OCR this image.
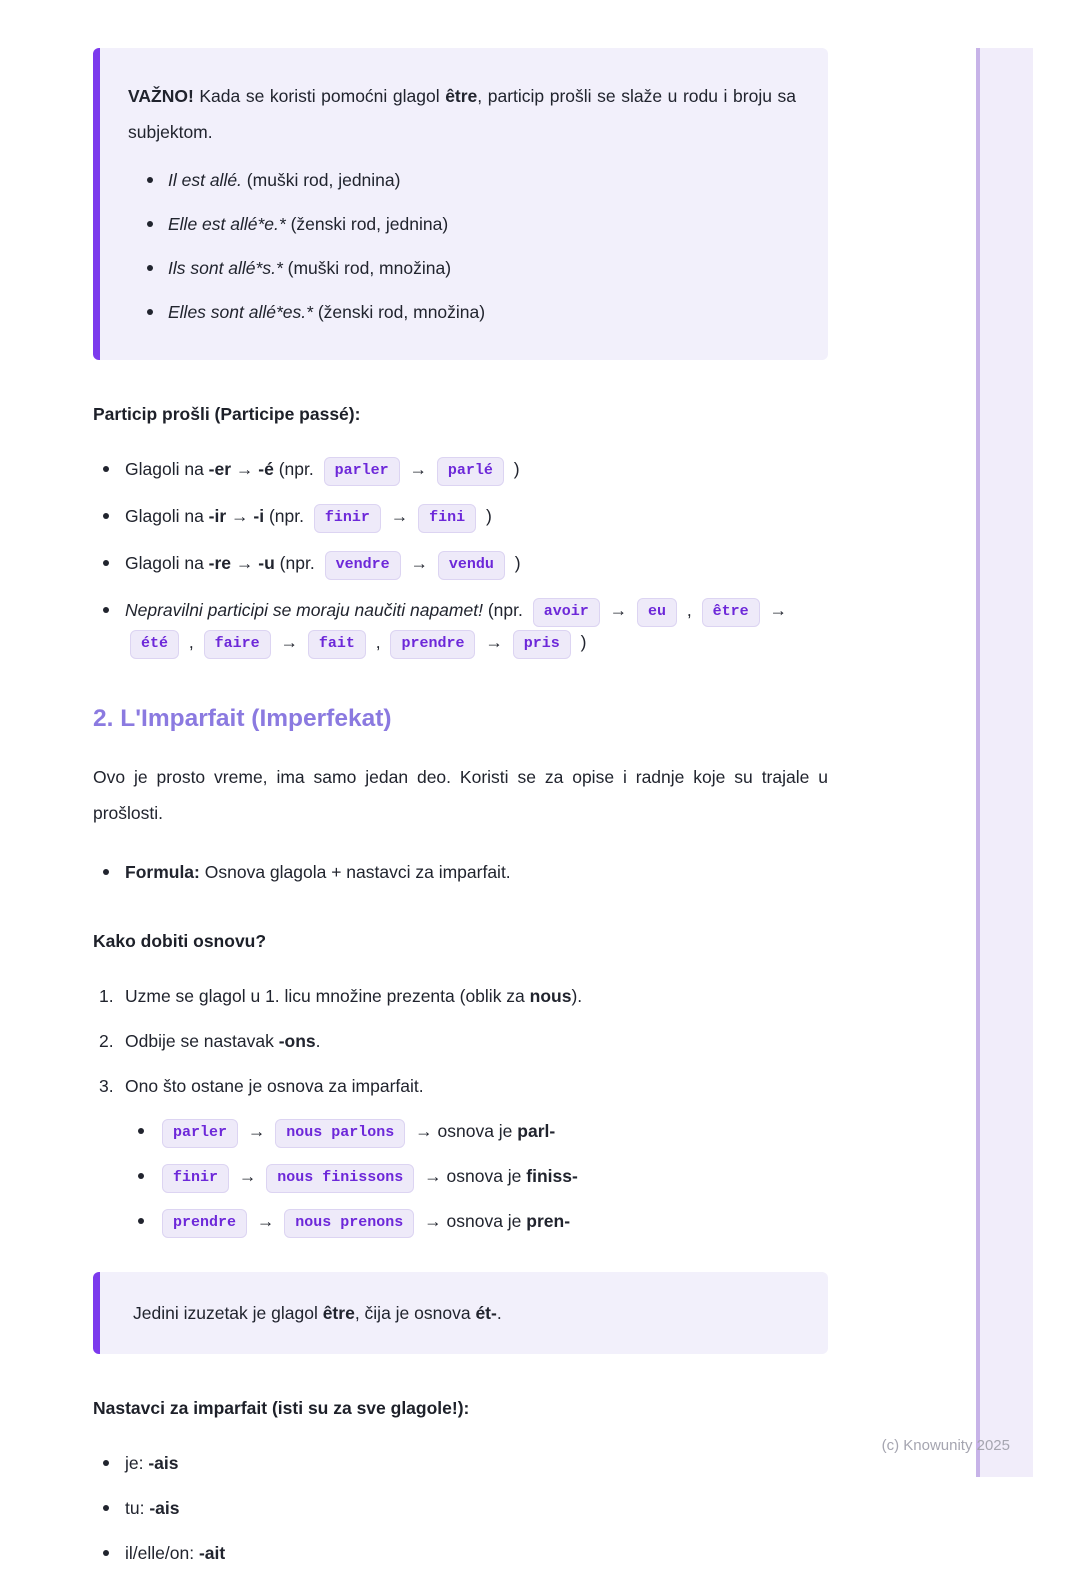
(c) Knowunity 2025

VAŽNO! Kada se koristi pomoćni glagol être, particip prošli se slaže u rodu i broju sa subjektom.

Il est allé. (muški rod, jednina)
Elle est allé*e.* (ženski rod, jednina)
Ils sont allé*s.* (muški rod, množina)
Elles sont allé*es.* (ženski rod, množina)
Particip prošli (Participe passé):
Glagoli na -er → -é (npr. parler → parlé )
Glagoli na -ir → -i (npr. finir → fini )
Glagoli na -re → -u (npr. vendre → vendu )
Nepravilni participi se moraju naučiti napamet! (npr. avoir → eu , être → été , faire → fait , prendre → pris )
2. L'Imparfait (Imperfekat)

Ovo je prosto vreme, ima samo jedan deo. Koristi se za opise i radnje koje su trajale u prošlosti.

Formula: Osnova glagola + nastavci za imparfait.
Kako dobiti osnovu?
Uzme se glagol u 1. licu množine prezenta (oblik za nous).
Odbije se nastavak -ons.
Ono što ostane je osnova za imparfait.
parler → nous parlons → osnova je parl-
finir → nous finissons → osnova je finiss-
prendre → nous prenons → osnova je pren-

Jedini izuzetak je glagol être, čija je osnova ét-.

Nastavci za imparfait (isti su za sve glagole!):
je: -ais
tu: -ais
il/elle/on: -ait
